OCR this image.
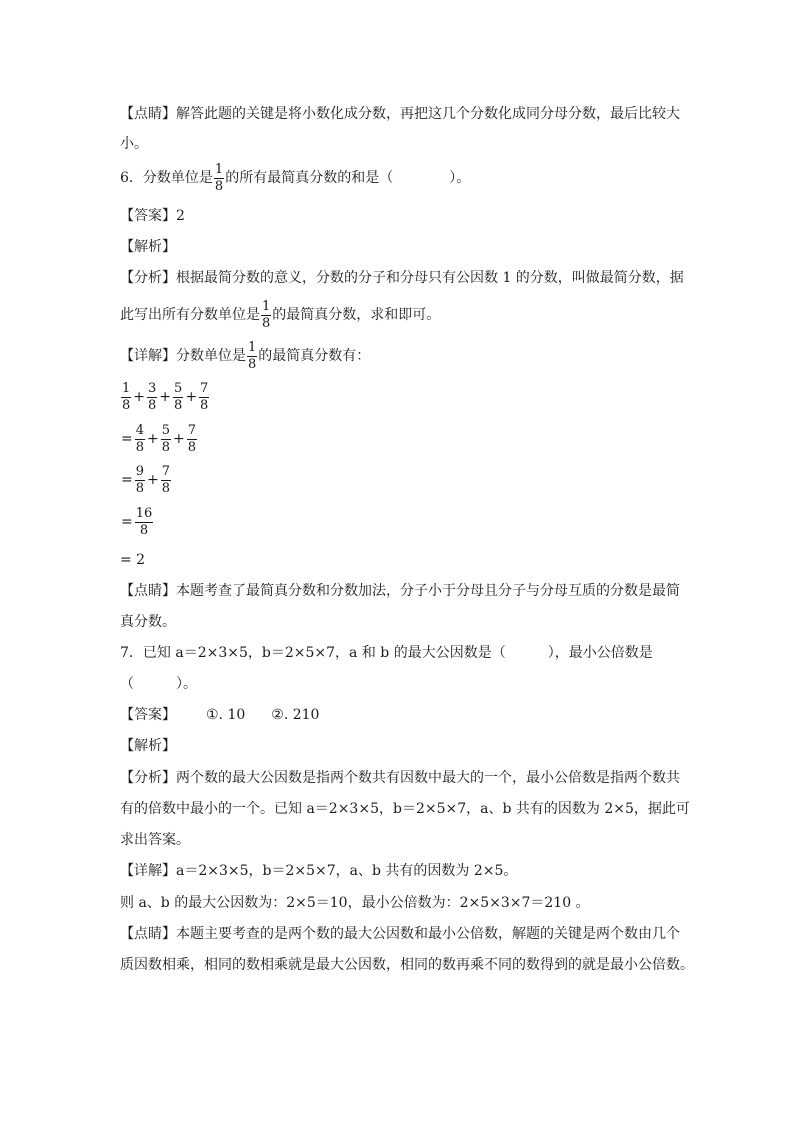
【点睛】解答此题的关键是将小数化成分数，再把这几个分数化成同分母分数，最后比较大
小。
6．分数单位是 $\frac{1}{8}$ 的所有最简真分数的和是（　　　　）。
【答案】2
【解析】
【分析】根据最简分数的意义，分数的分子和分母只有公因数 1 的分数，叫做最简分数，据
此写出所有分数单位是 $\frac{1}{8}$ 的最简真分数，求和即可。
【详解】分数单位是 $\frac{1}{8}$ 的最简真分数有：
$\frac{1}{8} + \frac{3}{8} + \frac{5}{8} + \frac{7}{8}$
= $\frac{4}{8} + \frac{5}{8} + \frac{7}{8}$
= $\frac{9}{8} + \frac{7}{8}$
= $\frac{16}{8}$
= 2
【点睛】本题考查了最简真分数和分数加法，分子小于分母且分子与分母互质的分数是最简
真分数。
7．已知 a＝2×3×5，b＝2×5×7，a 和 b 的最大公因数是（　　　），最小公倍数是
（　　　）。
【答案】 ①. 10 ②. 210
【解析】
【分析】两个数的最大公因数是指两个数共有因数中最大的一个，最小公倍数是指两个数共
有的倍数中最小的一个。已知 a＝2×3×5，b＝2×5×7，a、b 共有的因数为 2×5，据此可
求出答案。
【详解】a＝2×3×5，b＝2×5×7，a、b 共有的因数为 2×5。
则 a、b 的最大公因数为：2×5＝10，最小公倍数为：2×5×3×7＝210 。
【点睛】本题主要考查的是两个数的最大公因数和最小公倍数，解题的关键是两个数由几个
质因数相乘，相同的数相乘就是最大公因数，相同的数再乘不同的数得到的就是最小公倍数。
